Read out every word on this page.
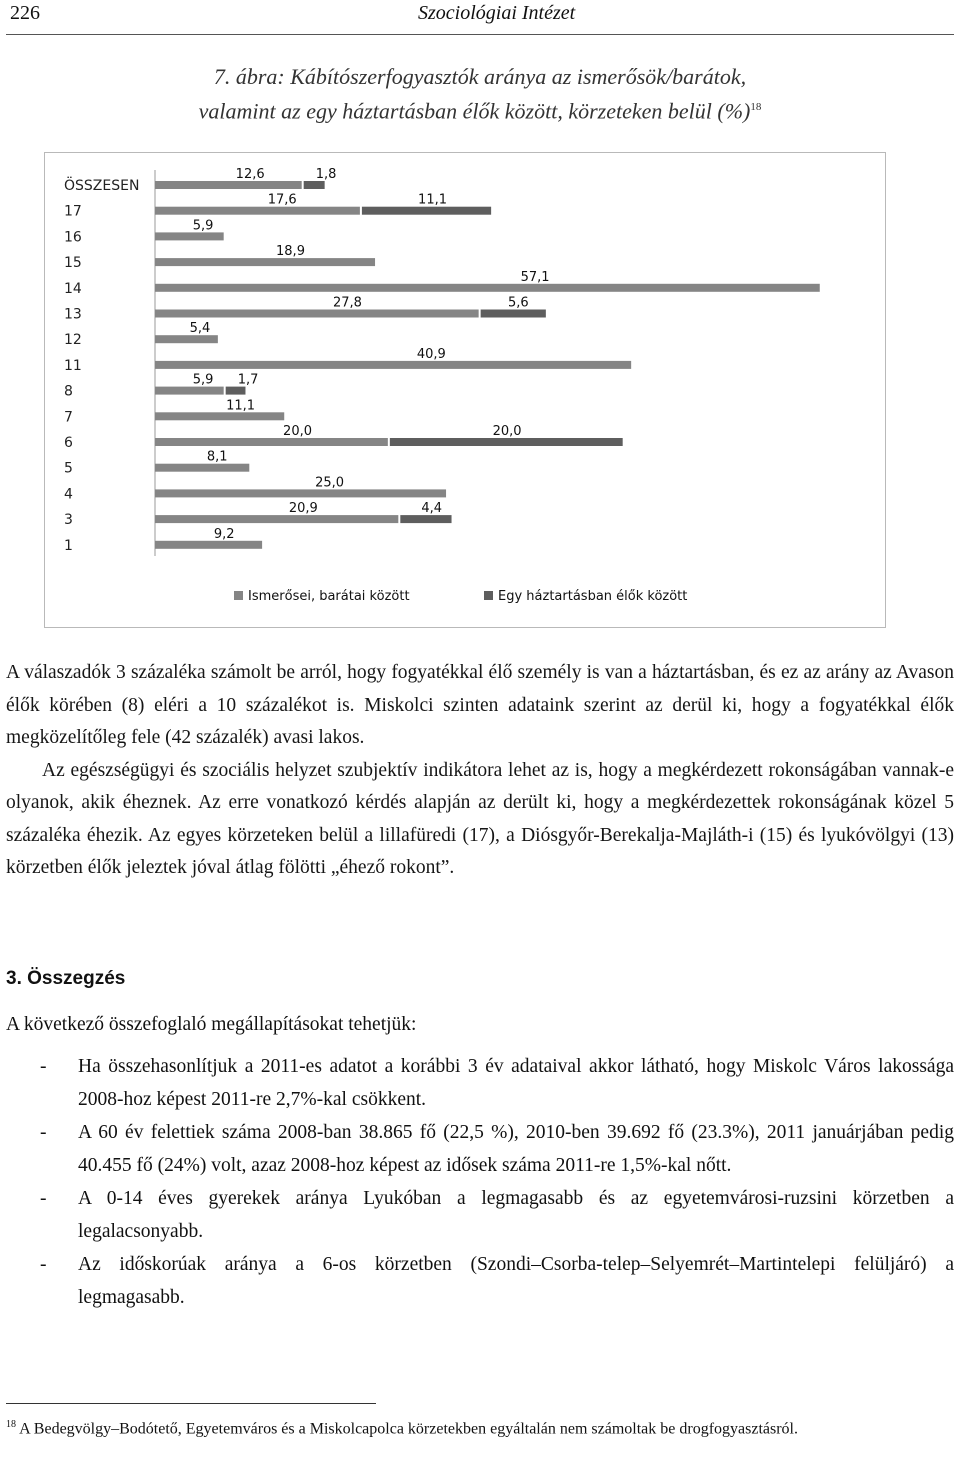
226	Szociológiai Intézet
7. ábra: Kábítószerfogyasztók aránya az ismerősök/barátok,
valamint az egy háztartásban élők között, körzeteken belül (%)$^{18}$
ÖSSZESEN
17
16
15
14
13
12
11
8
7
6
5
4
3
1
12,6
17,6
5,9
18,9
57,1
27,8
5,4
40,9
5,9
11,1
20,0
8,1
25,0
20,9
9,2
1,8
11,1
5,6
1,7
20,0
4,4
Ismerősei, barátai között	Egy háztartásban élők között

A válaszadók 3 százaléka számolt be arról, hogy fogyatékkal élő személy is van a háztartásban, és ez az arány az Avason élők körében (8) eléri a 10 százalékot is. Miskolci szinten adataink szerint az derül ki, hogy a fogyatékkal élők megközelítőleg fele (42 százalék) avasi lakos.

Az egészségügyi és szociális helyzet szubjektív indikátora lehet az is, hogy a megkérdezett rokonságában vannak-e olyanok, akik éheznek. Az erre vonatkozó kérdés alapján az derült ki, hogy a megkérdezettek rokonságának közel 5 százaléka éhezik. Az egyes körzeteken belül a lillafüredi (17), a Diósgyőr-Berekalja-Majláth-i (15) és lyukóvölgyi (13) körzetben élők jeleztek jóval átlag fölötti „éhező rokont”.

3. Összegzés
A következő összefoglaló megállapításokat tehetjük:
- Ha összehasonlítjuk a 2011-es adatot a korábbi 3 év adataival akkor látható, hogy Miskolc Város lakossága 2008-hoz képest 2011-re 2,7%-kal csökkent.
- A 60 év felettiek száma 2008-ban 38.865 fő (22,5 %), 2010-ben 39.692 fő (23.3%), 2011 januárjában pedig 40.455 fő (24%) volt, azaz 2008-hoz képest az idősek száma 2011-re 1,5%-kal nőtt.
- A 0-14 éves gyerekek aránya Lyukóban a legmagasabb és az egyetemvárosi-ruzsini körzetben a legalacsonyabb.
- Az időskorúak aránya a 6-os körzetben (Szondi–Csorba-telep–Selyemrét–Martintelepi felüljáró) a legmagasabb.
$^{18}$ A Bedegvölgy–Bodótető, Egyetemváros és a Miskolcapolca körzetekben egyáltalán nem számoltak be drogfogyasztásról.
